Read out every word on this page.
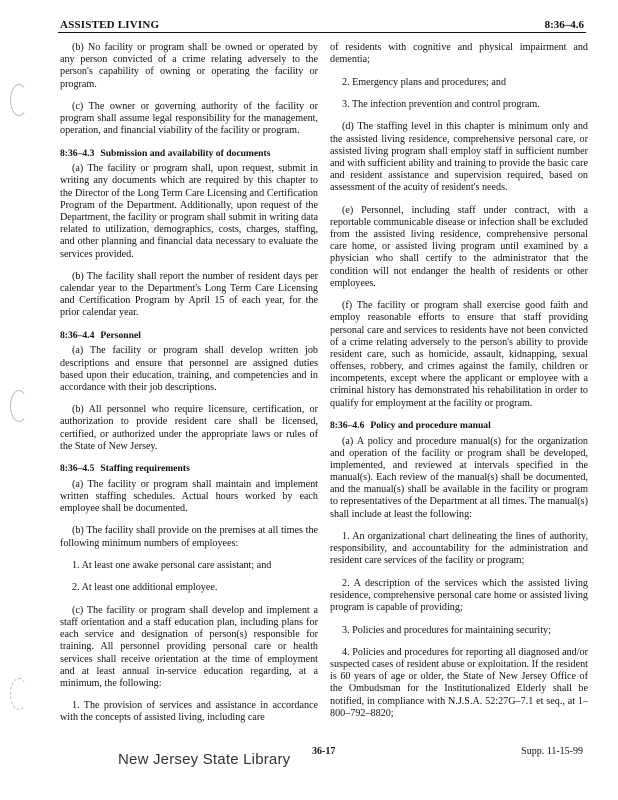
ASSISTED LIVING	8:36–4.6

(b) No facility or program shall be owned or operated by any person convicted of a crime relating adversely to the person's capability of owning or operating the facility or program.

(c) The owner or governing authority of the facility or program shall assume legal responsibility for the management, operation, and financial viability of the facility or program.

8:36–4.3 Submission and availability of documents

(a) The facility or program shall, upon request, submit in writing any documents which are required by this chapter to the Director of the Long Term Care Licensing and Certification Program of the Department. Additionally, upon request of the Department, the facility or program shall submit in writing data related to utilization, demographics, costs, charges, staffing, and other planning and financial data necessary to evaluate the services provided.

(b) The facility shall report the number of resident days per calendar year to the Department's Long Term Care Licensing and Certification Program by April 15 of each year, for the prior calendar year.

8:36–4.4 Personnel

(a) The facility or program shall develop written job descriptions and ensure that personnel are assigned duties based upon their education, training, and competencies and in accordance with their job descriptions.

(b) All personnel who require licensure, certification, or authorization to provide resident care shall be licensed, certified, or authorized under the appropriate laws or rules of the State of New Jersey.

8:36–4.5 Staffing requirements

(a) The facility or program shall maintain and implement written staffing schedules. Actual hours worked by each employee shall be documented.

(b) The facility shall provide on the premises at all times the following minimum numbers of employees:

1. At least one awake personal care assistant; and

2. At least one additional employee.

(c) The facility or program shall develop and implement a staff orientation and a staff education plan, including plans for each service and designation of person(s) responsible for training. All personnel providing personal care or health services shall receive orientation at the time of employment and at least annual in-service education regarding, at a minimum, the following:

1. The provision of services and assistance in accordance with the concepts of assisted living, including care

of residents with cognitive and physical impairment and dementia;

2. Emergency plans and procedures; and

3. The infection prevention and control program.

(d) The staffing level in this chapter is minimum only and the assisted living residence, comprehensive personal care, or assisted living program shall employ staff in sufficient number and with sufficient ability and training to provide the basic care and resident assistance and supervision required, based on assessment of the acuity of resident's needs.

(e) Personnel, including staff under contract, with a reportable communicable disease or infection shall be excluded from the assisted living residence, comprehensive personal care home, or assisted living program until examined by a physician who shall certify to the administrator that the condition will not endanger the health of residents or other employees.

(f) The facility or program shall exercise good faith and employ reasonable efforts to ensure that staff providing personal care and services to residents have not been convicted of a crime relating adversely to the person's ability to provide resident care, such as homicide, assault, kidnapping, sexual offenses, robbery, and crimes against the family, children or incompetents, except where the applicant or employee with a criminal history has demonstrated his rehabilitation in order to qualify for employment at the facility or program.

8:36–4.6 Policy and procedure manual

(a) A policy and procedure manual(s) for the organization and operation of the facility or program shall be developed, implemented, and reviewed at intervals specified in the manual(s). Each review of the manual(s) shall be documented, and the manual(s) shall be available in the facility or program to representatives of the Department at all times. The manual(s) shall include at least the following:

1. An organizational chart delineating the lines of authority, responsibility, and accountability for the administration and resident care services of the facility or program;

2. A description of the services which the assisted living residence, comprehensive personal care home or assisted living program is capable of providing;

3. Policies and procedures for maintaining security;

4. Policies and procedures for reporting all diagnosed and/or suspected cases of resident abuse or exploitation. If the resident is 60 years of age or older, the State of New Jersey Office of the Ombudsman for the Institutionalized Elderly shall be notified, in compliance with N.J.S.A. 52:27G–7.1 et seq., at 1–800–792–8820;

36-17	Supp. 11-15-99
New Jersey State Library
